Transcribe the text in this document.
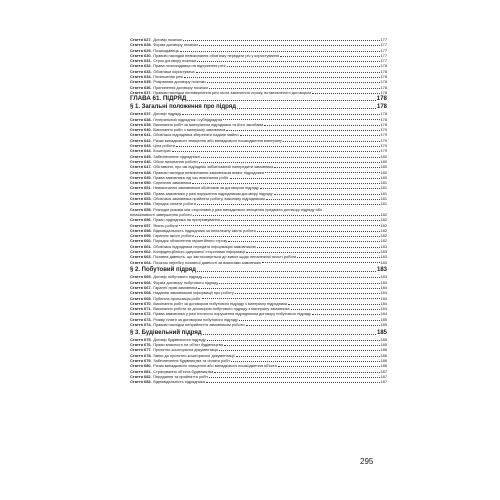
Стаття 627. Договір позички	177
Стаття 628. Форма договору позички	177
Стаття 629. Позикодавець	177
Стаття 630. Правові наслідки невиконання обов'язку передати річ у користування	177
Стаття 631. Строк договору позички	177
Стаття 632. Права позичкодавця на відчуження речі	178
Стаття 633. Обов'язки користувача	178
Стаття 634. Поліпшення речі	178
Стаття 635. Розірвання договору позички	178
Стаття 636. Припинення договору позички	178
Стаття 637. Правові наслідки неповернення речі після закінчення строку, встановленого договором	178
ГЛАВА 61. ПІДРЯД	178
§ 1. Загальні положення про підряд	178
Стаття 637. Договір підряду	178
Стаття 638. Генеральний підрядник і субпідрядник	178
Стаття 639. Виконання робіт за матеріалом підрядника та його засобами	178
Стаття 640. Виконання робіт з матеріалу замовника	179
Стаття 641. Обов'язок підрядника збереігати надане майно	179
Стаття 642. Ризик випадкового знищення або випадкового пошкодження матеріалу	179
Стаття 643. Ціна роботи	179
Стаття 644. Кошторис	179
Стаття 645. Забезпечення підрядника	180
Стаття 646. Обсяг виконання роботи	180
Стаття 647. Обставини, про які підрядник зобов'язаний попередити замовника	180
Стаття 648. Правові наслідки невиконання замовником вимог підрядника	180
Стаття 649. Права замовника під час виконання робіт	180
Стаття 650. Сприяння замовника	181
Стаття 651. Невиконання замовником обов'язків за договором підряду	181
Стаття 652. Права замовника у разі порушення підрядником договору підряду	181
Стаття 653. Обов'язок замовника прийняти роботу, виконану підрядником	181
Стаття 654. Порядок оплати роботи	181
Стаття 655. Розподіл ризиків між сторонами у разі випадкового знищення предмета договору підряду або
неможливості завершення роботи	182
Стаття 656. Право підрядника на притримування	182
Стаття 657. Якість роботи	182
Стаття 658. Відповідальність підрядника за неналежну якість роботи	182
Стаття 659. Гарантія якості роботи	182
Стаття 660. Порядок обчислення гарантійного строку	182
Стаття 661. Обов'язок підрядника передати інформацію замовникові	183
Стаття 662. Конфіденційність одержаної сторонами інформації	183
Стаття 663. Позовна давність, що застосовується до вимог щодо неналежної якості роботи	183
Стаття 664. Початок перебігу позовної давності за вимогами замовника	183
§ 2. Побутовий підряд	183
Стаття 665. Договір побутового підряду	183
Стаття 666. Форма договору побутового підряду	183
Стаття 667. Гарантії прав замовника	184
Стаття 668. Надання замовникові інформації про роботу	184
Стаття 669. Публічна пропозиція робіт	184
Стаття 670. Виконання робіт за договором побутового підряду з матеріалу підрядника	184
Стаття 671. Виконання роботи за договором побутового підряду з матеріалу замовника	184
Стаття 672. Права замовника у разі істотного порушення підрядником договору побутового підряду	184
Стаття 673. Розмір плати за договором побутового підряду	185
Стаття 674. Правові наслідки неприйняття замовником роботи	185
§ 3. Будівельний підряд	185
Стаття 675. Договір будівельного підряду	185
Стаття 676. Право власності на об'єкт будівництва	185
Стаття 677. Проектно-кошторисна документація	186
Стаття 678. Зміни до проектно-кошторисної документації	186
Стаття 679. Забезпечення будівництва та оплата робіт	186
Стаття 680. Ризик випадкового знищення або випадкового пошкодження об'єкта	186
Стаття 681. Страхування об'єкта будівництва	187
Стаття 682. Передання та прийняття робіт	187
Стаття 683. Відповідальність підрядника	187
295
